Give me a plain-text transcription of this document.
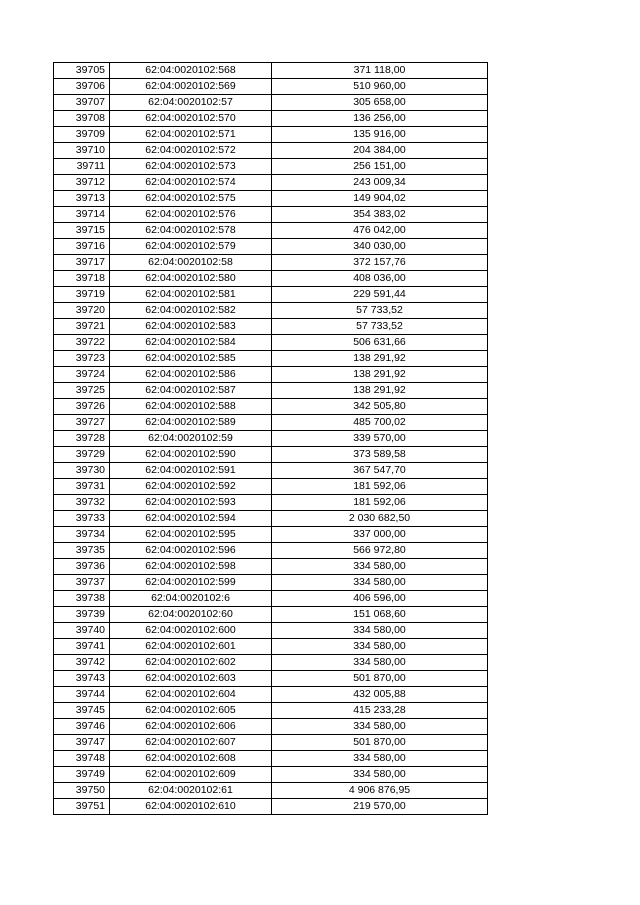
39705	62:04:0020102:568	371 118,00
39706	62:04:0020102:569	510 960,00
39707	62:04:0020102:57	305 658,00
39708	62:04:0020102:570	136 256,00
39709	62:04:0020102:571	135 916,00
39710	62:04:0020102:572	204 384,00
39711	62:04:0020102:573	256 151,00
39712	62:04:0020102:574	243 009,34
39713	62:04:0020102:575	149 904,02
39714	62:04:0020102:576	354 383,02
39715	62:04:0020102:578	476 042,00
39716	62:04:0020102:579	340 030,00
39717	62:04:0020102:58	372 157,76
39718	62:04:0020102:580	408 036,00
39719	62:04:0020102:581	229 591,44
39720	62:04:0020102:582	57 733,52
39721	62:04:0020102:583	57 733,52
39722	62:04:0020102:584	506 631,66
39723	62:04:0020102:585	138 291,92
39724	62:04:0020102:586	138 291,92
39725	62:04:0020102:587	138 291,92
39726	62:04:0020102:588	342 505,80
39727	62:04:0020102:589	485 700,02
39728	62:04:0020102:59	339 570,00
39729	62:04:0020102:590	373 589,58
39730	62:04:0020102:591	367 547,70
39731	62:04:0020102:592	181 592,06
39732	62:04:0020102:593	181 592,06
39733	62:04:0020102:594	2 030 682,50
39734	62:04:0020102:595	337 000,00
39735	62:04:0020102:596	566 972,80
39736	62:04:0020102:598	334 580,00
39737	62:04:0020102:599	334 580,00
39738	62:04:0020102:6	406 596,00
39739	62:04:0020102:60	151 068,60
39740	62:04:0020102:600	334 580,00
39741	62:04:0020102:601	334 580,00
39742	62:04:0020102:602	334 580,00
39743	62:04:0020102:603	501 870,00
39744	62:04:0020102:604	432 005,88
39745	62:04:0020102:605	415 233,28
39746	62:04:0020102:606	334 580,00
39747	62:04:0020102:607	501 870,00
39748	62:04:0020102:608	334 580,00
39749	62:04:0020102:609	334 580,00
39750	62:04:0020102:61	4 906 876,95
39751	62:04:0020102:610	219 570,00
